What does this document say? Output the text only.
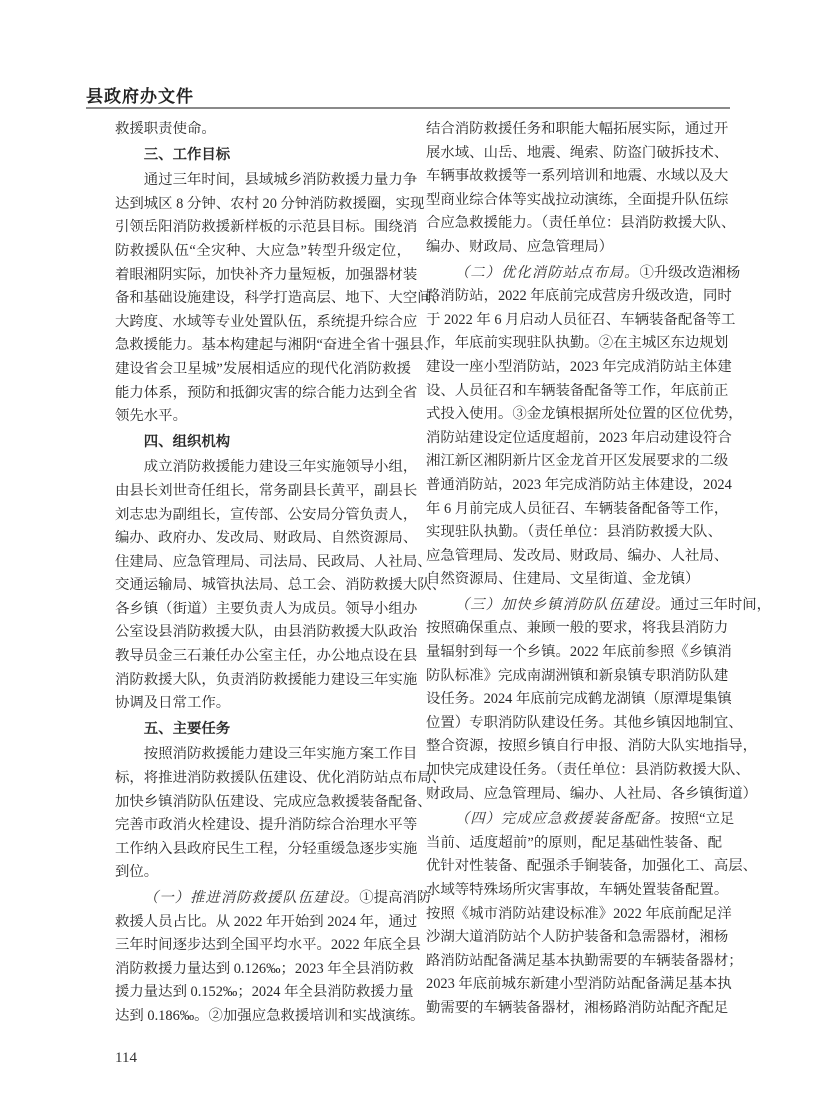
县政府办文件
救援职责使命。
三、工作目标
通过三年时间，县域城乡消防救援力量力争
达到城区 8 分钟、农村 20 分钟消防救援圈，实现
引领岳阳消防救援新样板的示范县目标。围绕消
防救援队伍“全灾种、大应急”转型升级定位，
着眼湘阴实际，加快补齐力量短板，加强器材装
备和基础设施建设，科学打造高层、地下、大空间、
大跨度、水域等专业处置队伍，系统提升综合应
急救援能力。基本构建起与湘阴“奋进全省十强县、
建设省会卫星城”发展相适应的现代化消防救援
能力体系，预防和抵御灾害的综合能力达到全省
领先水平。
四、组织机构
成立消防救援能力建设三年实施领导小组，
由县长刘世奇任组长，常务副县长黄平，副县长
刘志忠为副组长，宣传部、公安局分管负责人，
编办、政府办、发改局、财政局、自然资源局、
住建局、应急管理局、司法局、民政局、人社局、
交通运输局、城管执法局、总工会、消防救援大队、
各乡镇（街道）主要负责人为成员。领导小组办
公室设县消防救援大队，由县消防救援大队政治
教导员金三石兼任办公室主任，办公地点设在县
消防救援大队，负责消防救援能力建设三年实施
协调及日常工作。
五、主要任务
按照消防救援能力建设三年实施方案工作目
标，将推进消防救援队伍建设、优化消防站点布局、
加快乡镇消防队伍建设、完成应急救援装备配备、
完善市政消火栓建设、提升消防综合治理水平等
工作纳入县政府民生工程，分轻重缓急逐步实施
到位。
（一）推进消防救援队伍建设。①提高消防
救援人员占比。从 2022 年开始到 2024 年，通过
三年时间逐步达到全国平均水平。2022 年底全县
消防救援力量达到 0.126‰；2023 年全县消防救
援力量达到 0.152‰；2024 年全县消防救援力量
达到 0.186‰。②加强应急救援培训和实战演练。
结合消防救援任务和职能大幅拓展实际，通过开
展水域、山岳、地震、绳索、防盗门破拆技术、
车辆事故救援等一系列培训和地震、水域以及大
型商业综合体等实战拉动演练，全面提升队伍综
合应急救援能力。（责任单位：县消防救援大队、
编办、财政局、应急管理局）
（二）优化消防站点布局。①升级改造湘杨
路消防站，2022 年底前完成营房升级改造，同时
于 2022 年 6 月启动人员征召、车辆装备配备等工
作，年底前实现驻队执勤。②在主城区东边规划
建设一座小型消防站，2023 年完成消防站主体建
设、人员征召和车辆装备配备等工作，年底前正
式投入使用。③金龙镇根据所处位置的区位优势，
消防站建设定位适度超前，2023 年启动建设符合
湘江新区湘阴新片区金龙首开区发展要求的二级
普通消防站，2023 年完成消防站主体建设，2024
年 6 月前完成人员征召、车辆装备配备等工作，
实现驻队执勤。（责任单位：县消防救援大队、
应急管理局、发改局、财政局、编办、人社局、
自然资源局、住建局、文星街道、金龙镇）
（三）加快乡镇消防队伍建设。通过三年时间，
按照确保重点、兼顾一般的要求，将我县消防力
量辐射到每一个乡镇。2022 年底前参照《乡镇消
防队标准》完成南湖洲镇和新泉镇专职消防队建
设任务。2024 年底前完成鹤龙湖镇（原潭堤集镇
位置）专职消防队建设任务。其他乡镇因地制宜、
整合资源，按照乡镇自行申报、消防大队实地指导，
加快完成建设任务。（责任单位：县消防救援大队、
财政局、应急管理局、编办、人社局、各乡镇街道）
（四）完成应急救援装备配备。按照“立足
当前、适度超前”的原则，配足基础性装备、配
优针对性装备、配强杀手锏装备，加强化工、高层、
水域等特殊场所灾害事故，车辆处置装备配置。
按照《城市消防站建设标准》2022 年底前配足洋
沙湖大道消防站个人防护装备和急需器材，湘杨
路消防站配备满足基本执勤需要的车辆装备器材；
2023 年底前城东新建小型消防站配备满足基本执
勤需要的车辆装备器材，湘杨路消防站配齐配足
114
